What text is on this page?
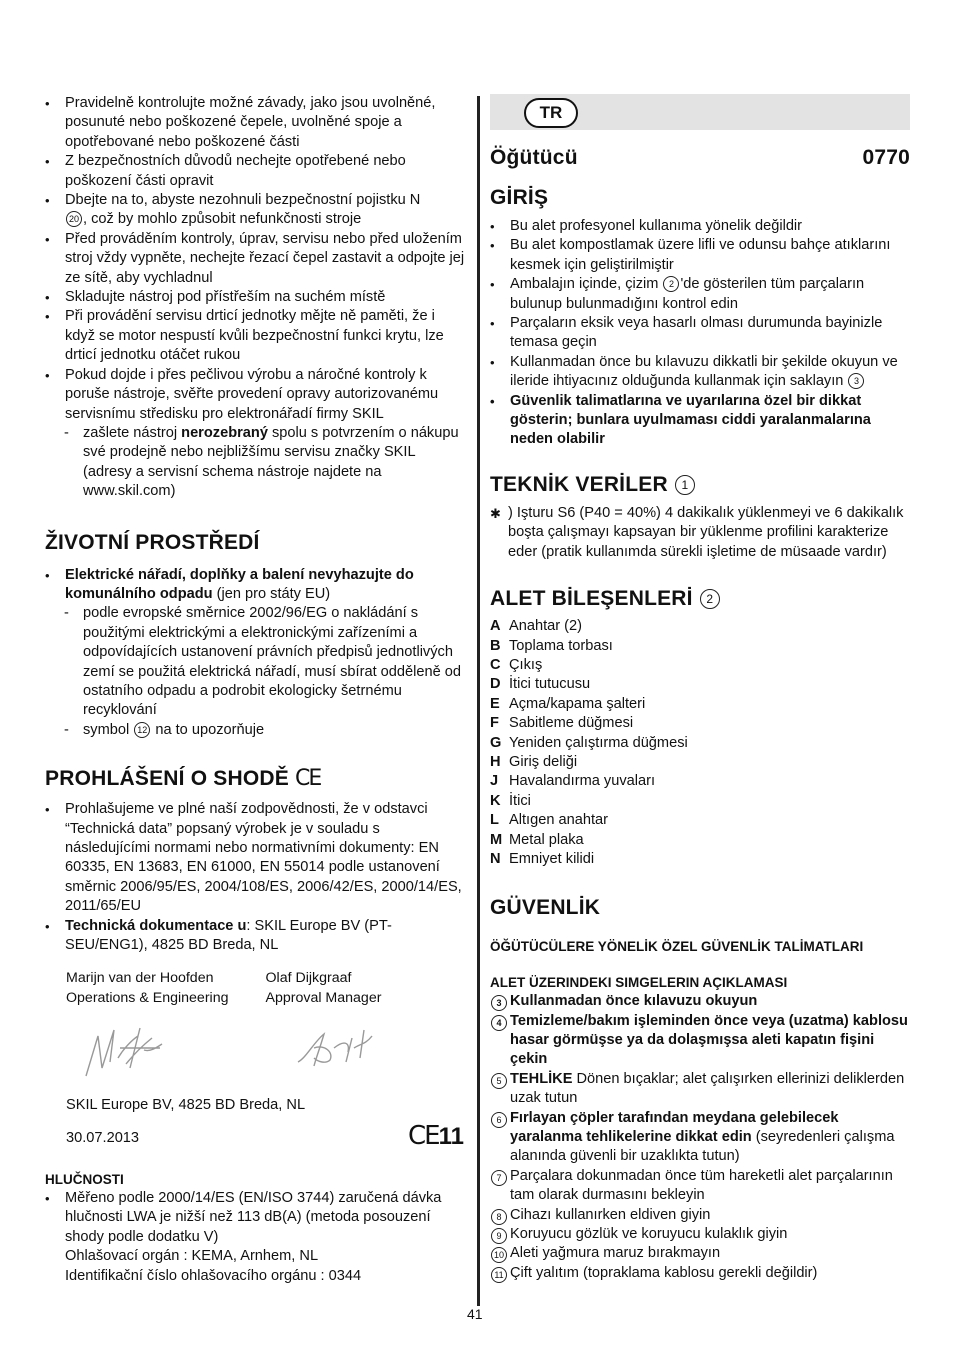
• Pravidelně kontrolujte možné závady, jako jsou uvolněné, posunuté nebo poškozené čepele, uvolněné spoje a opotřebované nebo poškozené části
• Z bezpečnostních důvodů nechejte opotřebené nebo poškození části opravit
• Dbejte na to, abyste nezohnuli bezpečnostní pojistku N
20 , což by mohlo způsobit nefunkčnosti stroje
• Před prováděním kontroly, úprav, servisu nebo před uložením stroj vždy vypněte, nechejte řezací čepel zastavit a odpojte jej ze sítě, aby vychladnul
• Skladujte nástroj pod přístřeším na suchém místě
• Při provádění servisu drticí jednotky mějte ně paměti, že i když se motor nespustí kvůli bezpečnostní funkci krytu, lze drticí jednotku otáčet rukou
• Pokud dojde i přes pečlivou výrobu a náročné kontroly k poruše nástroje, svěřte provedení opravy autorizovanému servisnímu středisku pro elektronářadí firmy SKIL
- zašlete nástroj nerozebraný spolu s potvrzením o nákupu své prodejně nebo nejbližšímu servisu značky SKIL (adresy a servisní schema nástroje najdete na www.skil.com)
ŽIVOTNÍ PROSTŘEDÍ
• Elektrické nářadí, doplňky a balení nevyhazujte do komunálního odpadu (jen pro státy EU)
- podle evropské směrnice 2002/96/EG o nakládání s použitými elektrickými a elektronickými zařízeními a odpovídajících ustanovení právních předpisů jednotlivých zemí se použitá elektrická nářadí, musí sbírat odděleně od ostatního odpadu a podrobit ekologicky šetrnému recyklování
- symbol 12 na to upozorňuje
PROHLÁŠENÍ O SHODĚ CE
• Prohlašujeme ve plné naší zodpovědnosti, že v odstavci “Technická data” popsaný výrobek je v souladu s následujícími normami nebo normativními dokumenty: EN 60335, EN 13683, EN 61000, EN 55014 podle ustanovení směrnic 2006/95/ES, 2004/108/ES, 2006/42/ES, 2000/14/ES, 2011/65/EU
• Technická dokumentace u: SKIL Europe BV (PT-SEU/ENG1), 4825 BD Breda, NL
Marijn van der Hoofden
Operations & Engineering
Olaf Dijkgraaf
Approval Manager
SKIL Europe BV, 4825 BD Breda, NL
30.07.2013	CE11
HLUČNOSTI
• Měřeno podle 2000/14/ES (EN/ISO 3744) zaručená dávka hlučnosti LWA je nižší než 113 dB(A) (metoda posouzení shody podle dodatku V)
Ohlašovací orgán : KEMA, Arnhem, NL
Identifikační číslo ohlašovacího orgánu : 0344
TR
Öğütücü	0770
GİRİŞ
• Bu alet profesyonel kullanıma yönelik değildir
• Bu alet kompostlamak üzere lifli ve odunsu bahçe atıklarını kesmek için geliştirilmiştir
• Ambalajın içinde, çizim 2 'de gösterilen tüm parçaların bulunup bulunmadığını kontrol edin
• Parçaların eksik veya hasarlı olması durumunda bayinizle temasa geçin
• Kullanmadan önce bu kılavuzu dikkatli bir şekilde okuyun ve ileride ihtiyacınız olduğunda kullanmak için saklayın 3
• Güvenlik talimatlarına ve uyarılarına özel bir dikkat gösterin; bunlara uyulmaması ciddi yaralanmalarına neden olabilir
TEKNİK VERİLER 1
✱ ) Işturu S6 (P40 = 40%) 4 dakikalık yüklenmeyi ve 6 dakikalık boşta çalışmayı kapsayan bir yüklenme profilini karakterize eder (pratik kullanımda sürekli işletime de müsaade vardır)
ALET BİLEŞENLERİ 2
A Anahtar (2)
B Toplama torbası
C Çıkış
D İtici tutucusu
E Açma/kapama şalteri
F Sabitleme düğmesi
G Yeniden çalıştırma düğmesi
H Giriş deliği
J Havalandırma yuvaları
K İtici
L Altıgen anahtar
M Metal plaka
N Emniyet kilidi
GÜVENLİK
ÖĞÜTÜCÜLERE YÖNELİK ÖZEL GÜVENLİK TALİMATLARI
ALET ÜZERINDEKI SIMGELERIN AÇIKLAMASI
3 Kullanmadan önce kılavuzu okuyun
4 Temizleme/bakım işleminden önce veya (uzatma) kablosu hasar görmüşse ya da dolaşmışsa aleti kapatın fişini çekin
5 TEHLİKE Dönen bıçaklar; alet çalışırken ellerinizi deliklerden uzak tutun
6 Fırlayan çöpler tarafından meydana gelebilecek yaralanma tehlikelerine dikkat edin (seyredenleri çalışma alanında güvenli bir uzaklıkta tutun)
7 Parçalara dokunmadan önce tüm hareketli alet parçalarının tam olarak durmasını bekleyin
8 Cihazı kullanırken eldiven giyin
9 Koruyucu gözlük ve koruyucu kulaklık giyin
10 Aleti yağmura maruz bırakmayın
11 Çift yalıtım (topraklama kablosu gerekli değildir)
41
